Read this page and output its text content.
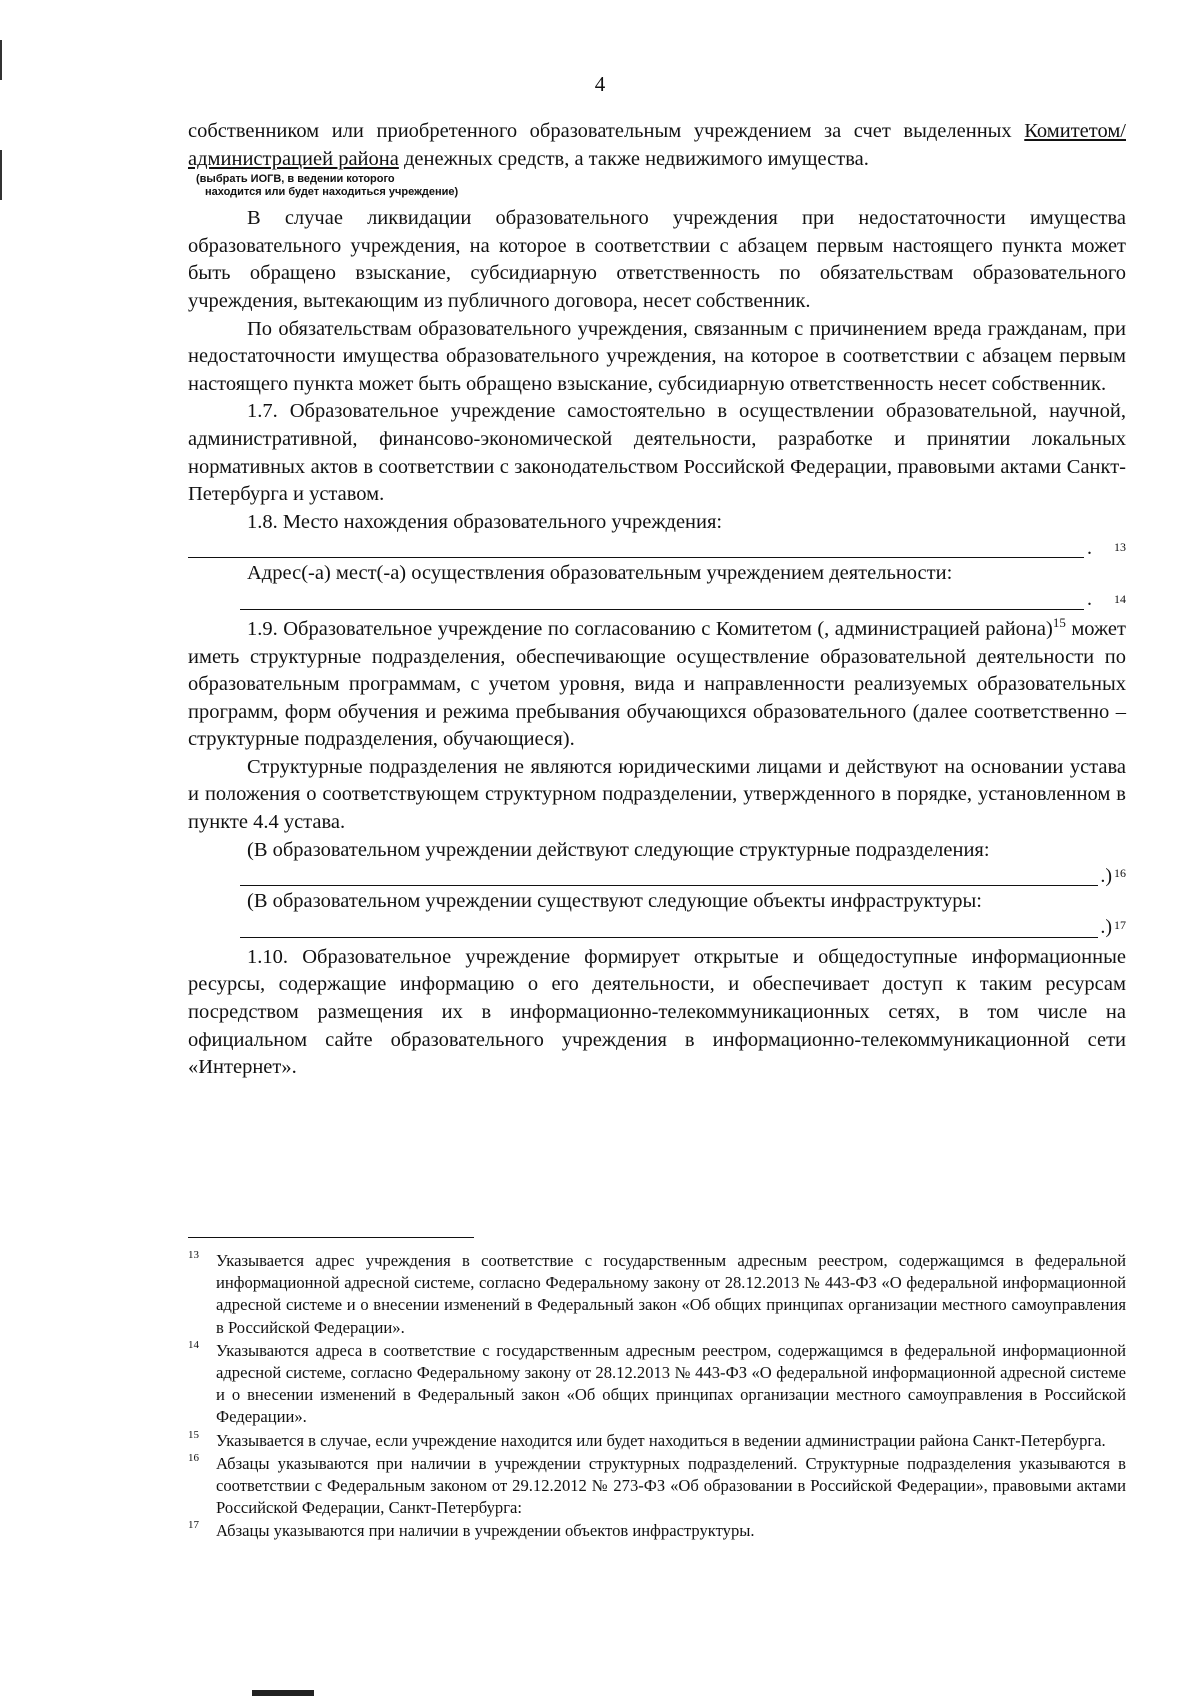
4

собственником или приобретенного образовательным учреждением за счет выделенных Комитетом/администрацией района денежных средств, а также недвижимого имущества.

(выбрать ИОГВ, в ведении которого
находится или будет находиться учреждение)

В случае ликвидации образовательного учреждения при недостаточности имущества образовательного учреждения, на которое в соответствии с абзацем первым настоящего пункта может быть обращено взыскание, субсидиарную ответственность по обязательствам образовательного учреждения, вытекающим из публичного договора, несет собственник.

По обязательствам образовательного учреждения, связанным с причинением вреда гражданам, при недостаточности имущества образовательного учреждения, на которое в соответствии с абзацем первым настоящего пункта может быть обращено взыскание, субсидиарную ответственность несет собственник.

1.7. Образовательное учреждение самостоятельно в осуществлении образовательной, научной, административной, финансово-экономической деятельности, разработке и принятии локальных нормативных актов в соответствии с законодательством Российской Федерации, правовыми актами Санкт-Петербурга и уставом.

1.8. Место нахождения образовательного учреждения:

. 13

Адрес(-а) мест(-а) осуществления образовательным учреждением деятельности:

. 14

1.9. Образовательное учреждение по согласованию с Комитетом (, администрацией района)$^{15}$ может иметь структурные подразделения, обеспечивающие осуществление образовательной деятельности по образовательным программам, с учетом уровня, вида и направленности реализуемых образовательных программ, форм обучения и режима пребывания обучающихся образовательного (далее соответственно – структурные подразделения, обучающиеся).

Структурные подразделения не являются юридическими лицами и действуют на основании устава и положения о соответствующем структурном подразделении, утвержденного в порядке, установленном в пункте 4.4 устава.

(В образовательном учреждении действуют следующие структурные подразделения:

.) 16

(В образовательном учреждении существуют следующие объекты инфраструктуры:

.) 17

1.10. Образовательное учреждение формирует открытые и общедоступные информационные ресурсы, содержащие информацию о его деятельности, и обеспечивает доступ к таким ресурсам посредством размещения их в информационно-телекоммуникационных сетях, в том числе на официальном сайте образовательного учреждения в информационно-телекоммуникационной сети «Интернет».

13 Указывается адрес учреждения в соответствие с государственным адресным реестром, содержащимся в федеральной информационной адресной системе, согласно Федеральному закону от 28.12.2013 № 443-ФЗ «О федеральной информационной адресной системе и о внесении изменений в Федеральный закон «Об общих принципах организации местного самоуправления в Российской Федерации».
14 Указываются адреса в соответствие с государственным адресным реестром, содержащимся в федеральной информационной адресной системе, согласно Федеральному закону от 28.12.2013 № 443-ФЗ «О федеральной информационной адресной системе и о внесении изменений в Федеральный закон «Об общих принципах организации местного самоуправления в Российской Федерации».
15 Указывается в случае, если учреждение находится или будет находиться в ведении администрации района Санкт-Петербурга.
16 Абзацы указываются при наличии в учреждении структурных подразделений. Структурные подразделения указываются в соответствии с Федеральным законом от 29.12.2012 № 273-ФЗ «Об образовании в Российской Федерации», правовыми актами Российской Федерации, Санкт-Петербурга:
17 Абзацы указываются при наличии в учреждении объектов инфраструктуры.
